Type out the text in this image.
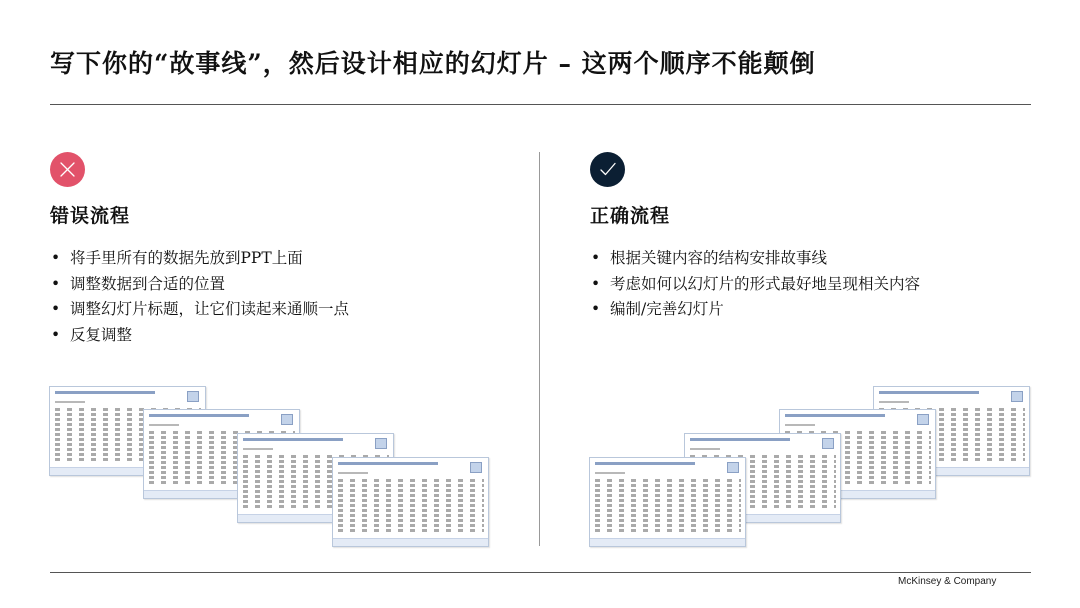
写下你的“故事线”，然后设计相应的幻灯片 – 这两个顺序不能颠倒
错误流程
• 将手里所有的数据先放到PPT上面
• 调整数据到合适的位置
• 调整幻灯片标题，让它们读起来通顺一点
• 反复调整
正确流程
• 根据关键内容的结构安排故事线
• 考虑如何以幻灯片的形式最好地呈现相关内容
• 编制/完善幻灯片
McKinsey & Company
